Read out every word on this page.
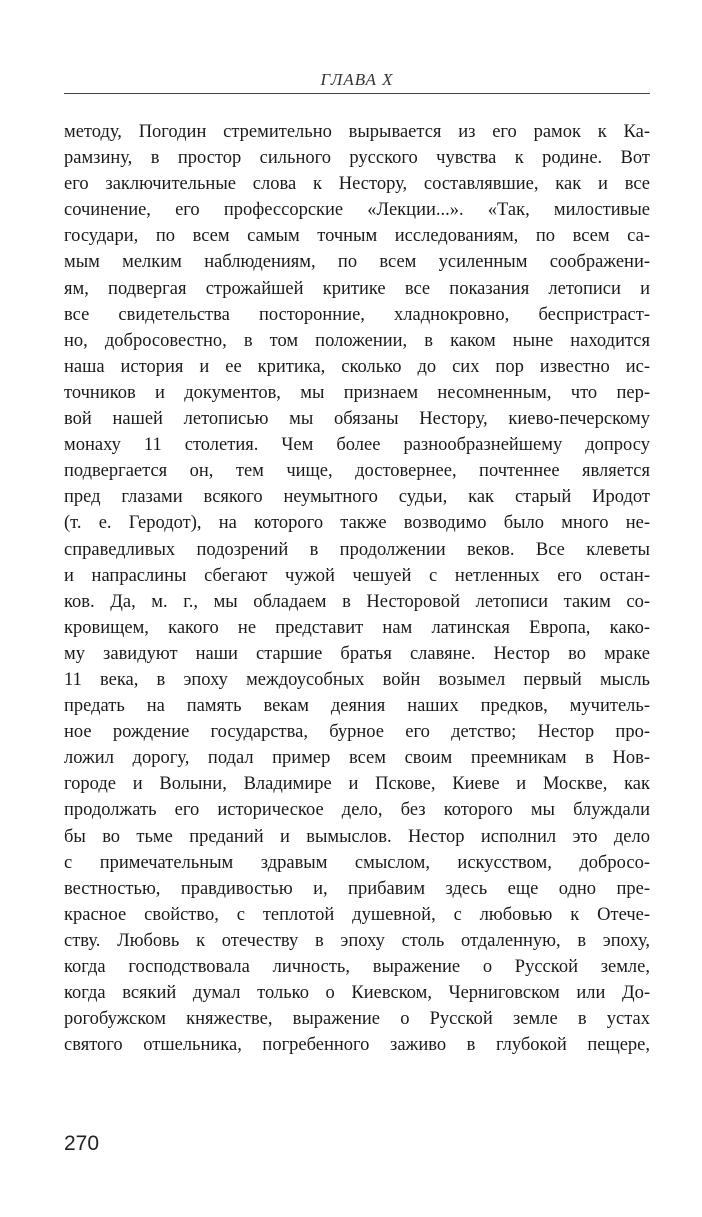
ГЛАВА X
методу, Погодин стремительно вырывается из его рамок к Ка-
рамзину, в простор сильного русского чувства к родине. Вот
его заключительные слова к Нестору, составлявшие, как и все
сочинение, его профессорские «Лекции...». «Так, милостивые
государи, по всем самым точным исследованиям, по всем са-
мым мелким наблюдениям, по всем усиленным соображени-
ям, подвергая строжайшей критике все показания летописи и
все свидетельства посторонние, хладнокровно, беспристраст-
но, добросовестно, в том положении, в каком ныне находится
наша история и ее критика, сколько до сих пор известно ис-
точников и документов, мы признаем несомненным, что пер-
вой нашей летописью мы обязаны Нестору, киево-печерскому
монаху 11 столетия. Чем более разнообразнейшему допросу
подвергается он, тем чище, достовернее, почтеннее является
пред глазами всякого неумытного судьи, как старый Иродот
(т. е. Геродот), на которого также возводимо было много не-
справедливых подозрений в продолжении веков. Все клеветы
и напраслины сбегают чужой чешуей с нетленных его остан-
ков. Да, м. г., мы обладаем в Несторовой летописи таким со-
кровищем, какого не представит нам латинская Европа, како-
му завидуют наши старшие братья славяне. Нестор во мраке
11 века, в эпоху междоусобных войн возымел первый мысль
предать на память векам деяния наших предков, мучитель-
ное рождение государства, бурное его детство; Нестор про-
ложил дорогу, подал пример всем своим преемникам в Нов-
городе и Волыни, Владимире и Пскове, Киеве и Москве, как
продолжать его историческое дело, без которого мы блуждали
бы во тьме преданий и вымыслов. Нестор исполнил это дело
с примечательным здравым смыслом, искусством, добросо-
вестностью, правдивостью и, прибавим здесь еще одно пре-
красное свойство, с теплотой душевной, с любовью к Отече-
ству. Любовь к отечеству в эпоху столь отдаленную, в эпоху,
когда господствовала личность, выражение о Русской земле,
когда всякий думал только о Киевском, Черниговском или До-
рогобужском княжестве, выражение о Русской земле в устах
святого отшельника, погребенного заживо в глубокой пещере,
270
